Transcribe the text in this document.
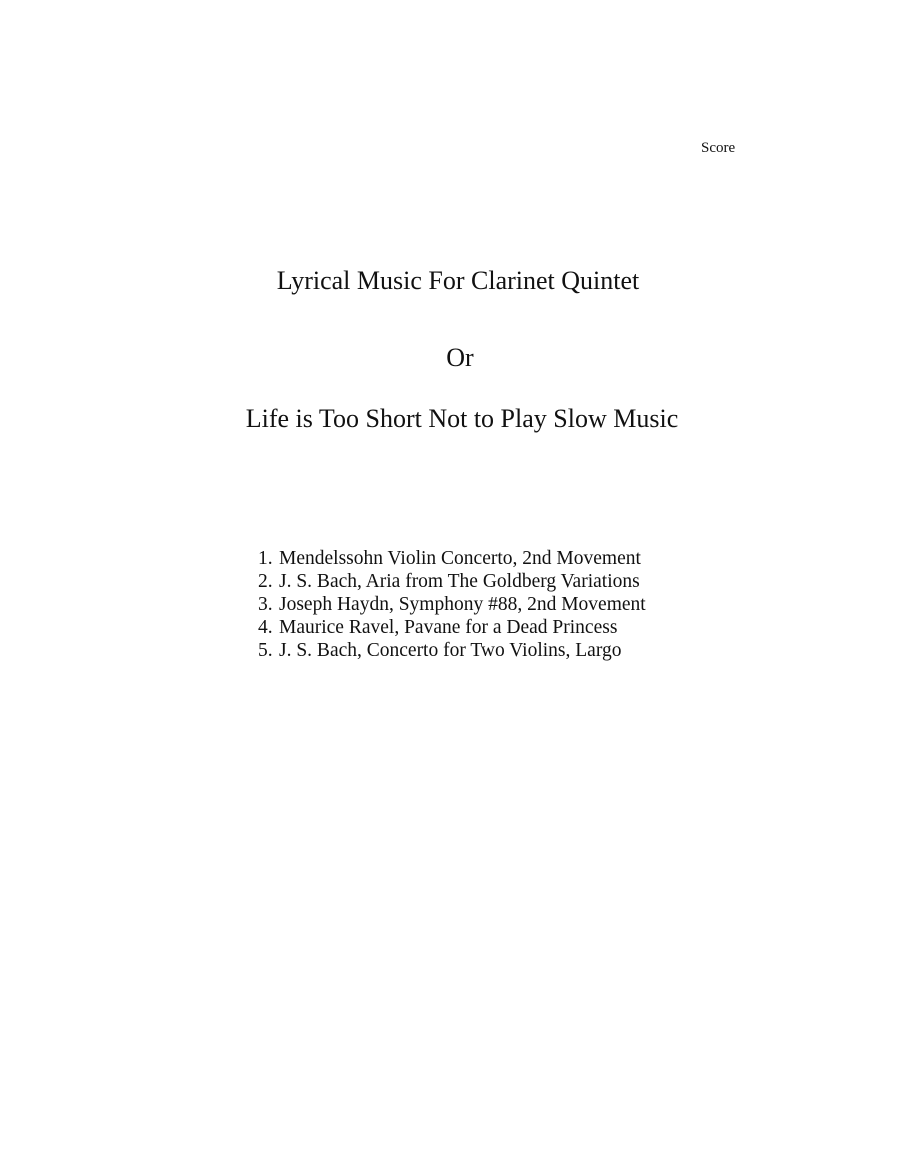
Score
Lyrical Music For Clarinet Quintet
Or
Life is Too Short Not to Play Slow Music
1. Mendelssohn Violin Concerto, 2nd Movement
2. J. S. Bach, Aria from The Goldberg Variations
3. Joseph Haydn, Symphony #88, 2nd Movement
4. Maurice Ravel, Pavane for a Dead Princess
5. J. S. Bach, Concerto for Two Violins, Largo
